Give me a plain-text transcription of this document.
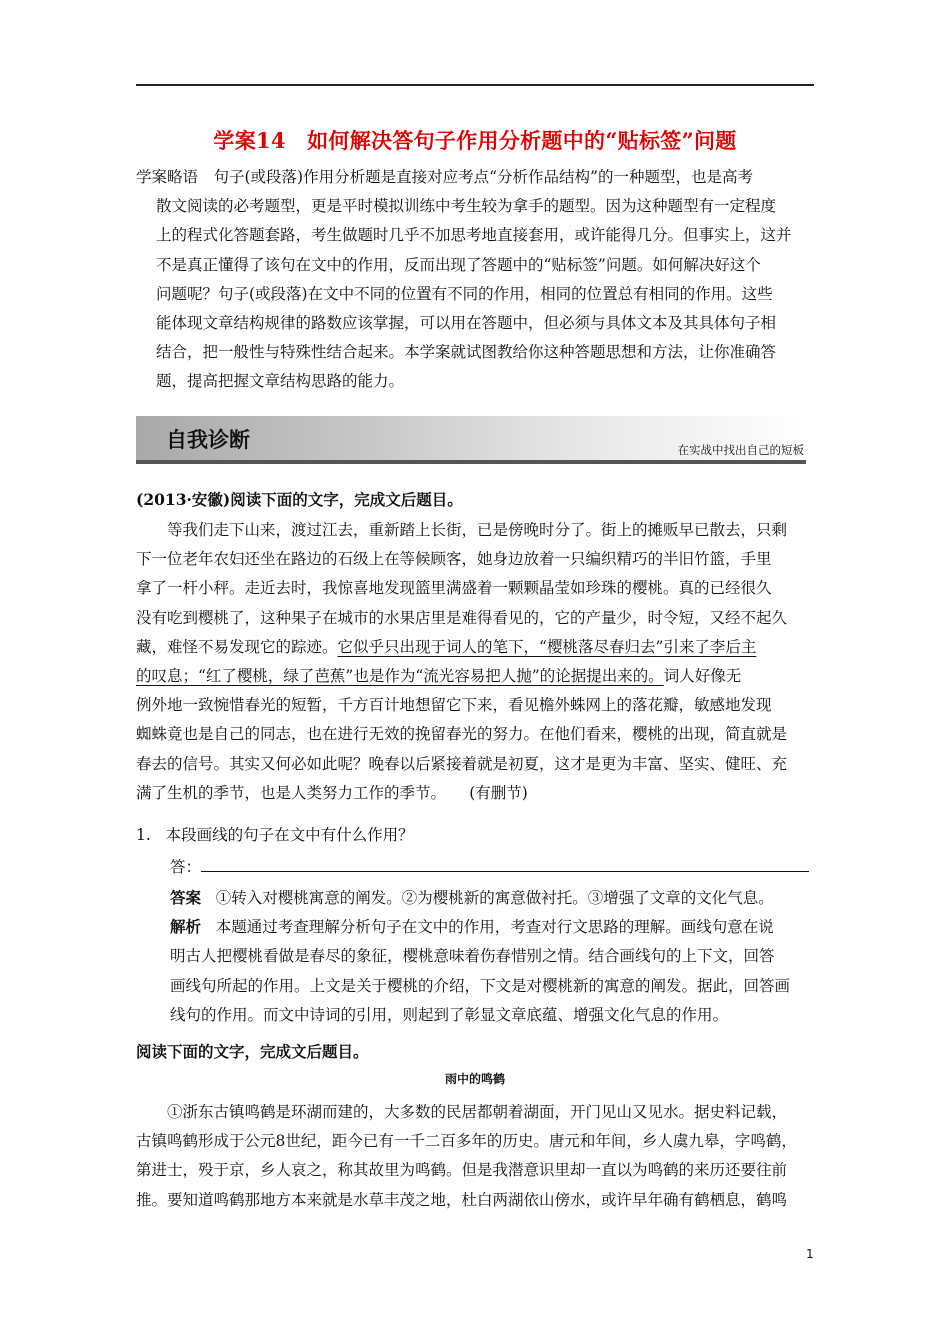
学案14　如何解决答句子作用分析题中的“贴标签”问题
学案略语　句子(或段落)作用分析题是直接对应考点“分析作品结构”的一种题型，也是高考
散文阅读的必考题型，更是平时模拟训练中考生较为拿手的题型。因为这种题型有一定程度
上的程式化答题套路，考生做题时几乎不加思考地直接套用，或许能得几分。但事实上，这并
不是真正懂得了该句在文中的作用，反而出现了答题中的“贴标签”问题。如何解决好这个
问题呢？句子(或段落)在文中不同的位置有不同的作用，相同的位置总有相同的作用。这些
能体现文章结构规律的路数应该掌握，可以用在答题中，但必须与具体文本及其具体句子相
结合，把一般性与特殊性结合起来。本学案就试图教给你这种答题思想和方法，让你准确答
题，提高把握文章结构思路的能力。
自我诊断	在实战中找出自己的短板
(2013·安徽)阅读下面的文字，完成文后题目。
　　等我们走下山来，渡过江去，重新踏上长街，已是傍晚时分了。街上的摊贩早已散去，只剩
下一位老年农妇还坐在路边的石级上在等候顾客，她身边放着一只编织精巧的半旧竹篮，手里
拿了一杆小秤。走近去时，我惊喜地发现篮里满盛着一颗颗晶莹如珍珠的樱桃。真的已经很久
没有吃到樱桃了，这种果子在城市的水果店里是难得看见的，它的产量少，时令短，又经不起久
藏，难怪不易发现它的踪迹。它似乎只出现于词人的笔下，“樱桃落尽春归去”引来了李后主
的叹息；“红了樱桃，绿了芭蕉”也是作为“流光容易把人抛”的论据提出来的。词人好像无
例外地一致惋惜春光的短暂，千方百计地想留它下来，看见檐外蛛网上的落花瓣，敏感地发现
蜘蛛竟也是自己的同志，也在进行无效的挽留春光的努力。在他们看来，樱桃的出现，简直就是
春去的信号。其实又何必如此呢？晚春以后紧接着就是初夏，这才是更为丰富、坚实、健旺、充
满了生机的季节，也是人类努力工作的季节。　　(有删节)
1. 本段画线的句子在文中有什么作用？
答：
答案 ①转入对樱桃寓意的阐发。②为樱桃新的寓意做衬托。③增强了文章的文化气息。
解析 本题通过考查理解分析句子在文中的作用，考查对行文思路的理解。画线句意在说
明古人把樱桃看做是春尽的象征，樱桃意味着伤春惜别之情。结合画线句的上下文，回答
画线句所起的作用。上文是关于樱桃的介绍，下文是对樱桃新的寓意的阐发。据此，回答画
线句的作用。而文中诗词的引用，则起到了彰显文章底蕴、增强文化气息的作用。
阅读下面的文字，完成文后题目。
雨中的鸣鹤
　　①浙东古镇鸣鹤是环湖而建的，大多数的民居都朝着湖面，开门见山又见水。据史料记载，
古镇鸣鹤形成于公元8世纪，距今已有一千二百多年的历史。唐元和年间，乡人虞九皋，字鸣鹤，
第进士，殁于京，乡人哀之，称其故里为鸣鹤。但是我潜意识里却一直以为鸣鹤的来历还要往前
推。要知道鸣鹤那地方本来就是水草丰茂之地，杜白两湖依山傍水，或许早年确有鹤栖息，鹤鸣
1
